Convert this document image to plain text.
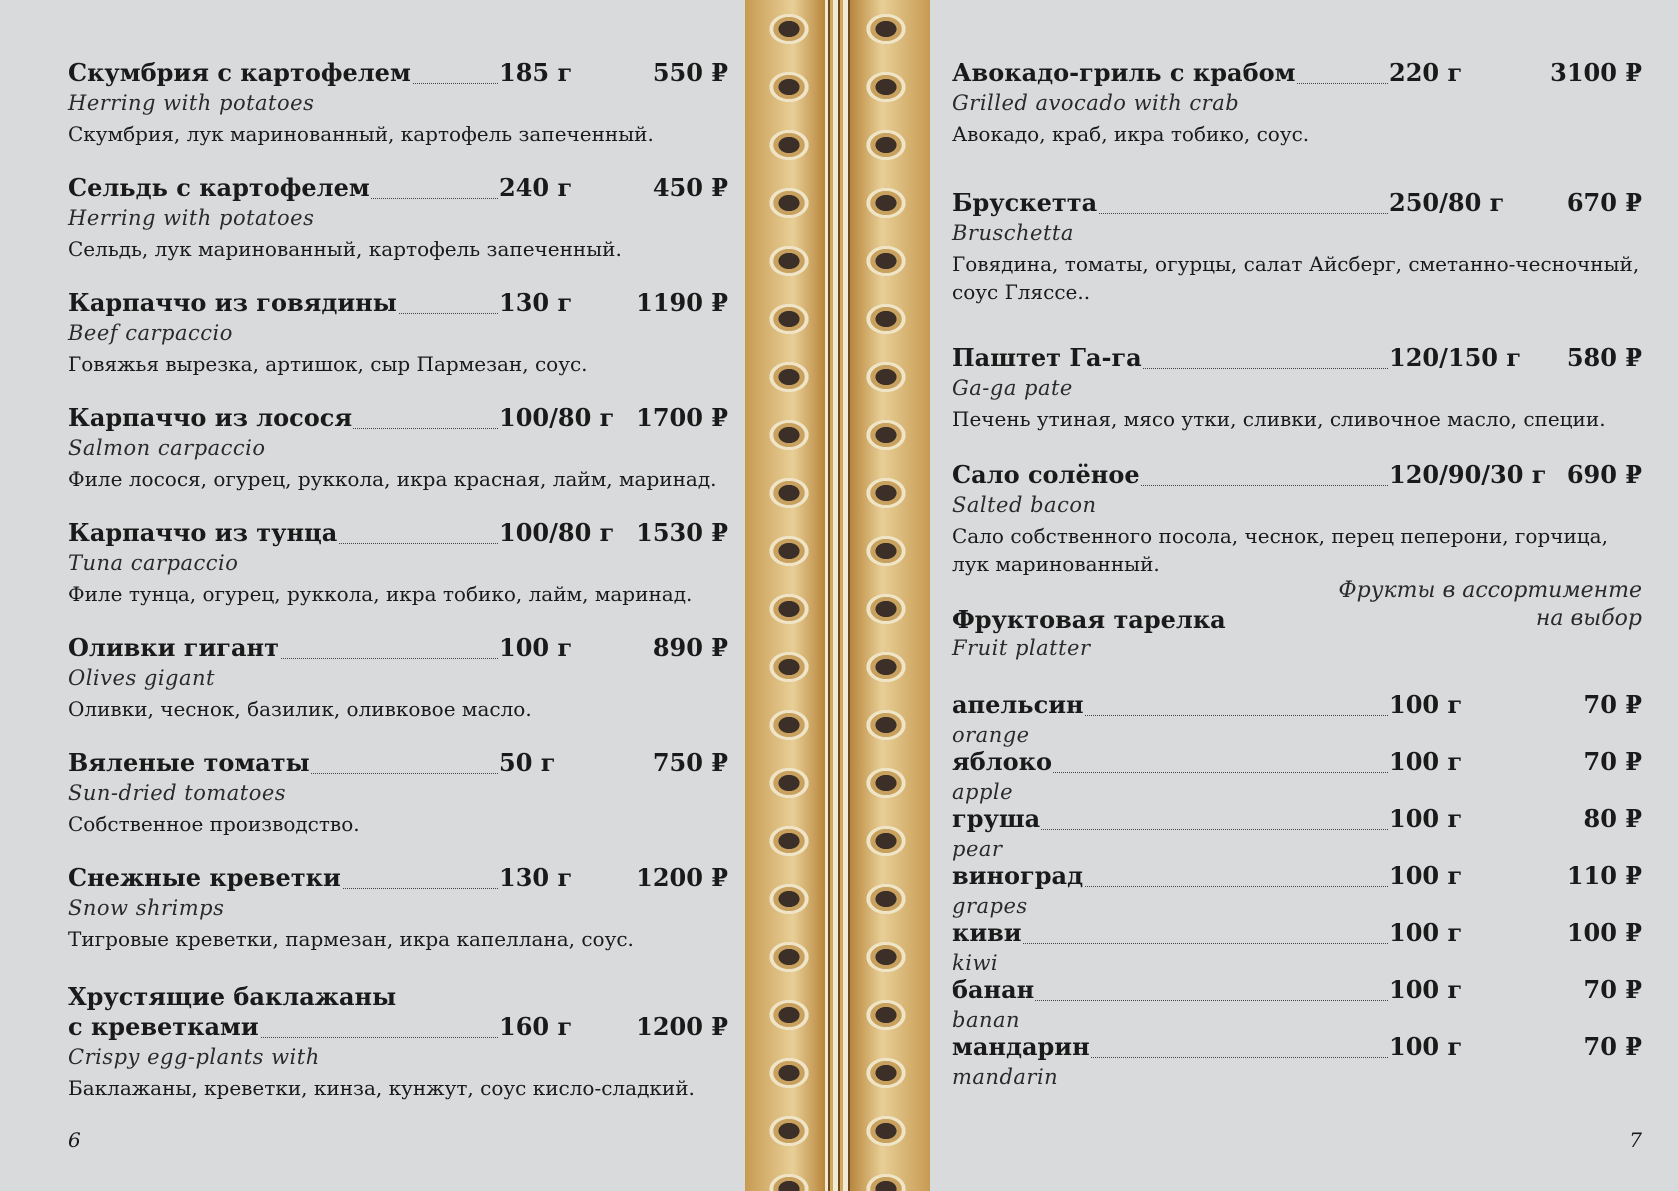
Скумбрия с картофелем	185 г	550 ₽
Herring with potatoes
Скумбрия, лук маринованный, картофель запеченный.
Сельдь с картофелем	240 г	450 ₽
Herring with potatoes
Сельдь, лук маринованный, картофель запеченный.
Карпаччо из говядины	130 г	1190 ₽
Beef carpaccio
Говяжья вырезка, артишок, сыр Пармезан, соус.
Карпаччо из лосося	100/80 г 1700 ₽
Salmon carpaccio
Филе лосося, огурец, руккола, икра красная, лайм, маринад.
Карпаччо из тунца	100/80 г 1530 ₽
Tuna carpaccio
Филе тунца, огурец, руккола, икра тобико, лайм, маринад.
Оливки гигант	100 г	890 ₽
Olives gigant
Оливки, чеснок, базилик, оливковое масло.
Вяленые томаты	50 г	750 ₽
Sun-dried tomatoes
Собственное производство.
Снежные креветки	130 г	1200 ₽
Snow shrimps
Тигровые креветки, пармезан, икра капеллана, соус.
Хрустящие баклажаны
с креветками	160 г	1200 ₽
Crispy egg-plants with
Баклажаны, креветки, кинза, кунжут, соус кисло-сладкий.
6
Авокадо-гриль с крабом	220 г	3100 ₽
Grilled avocado with crab
Авокадо, краб, икра тобико, соус.
Брускетта	250/80 г	670 ₽
Bruschetta
Говядина, томаты, огурцы, салат Айсберг, сметанно-чесночный, соус Гляссе..
Паштет Га-га	120/150 г 580 ₽
Ga-ga pate
Печень утиная, мясо утки, сливки, сливочное масло, специи.
Сало солёное	120/90/30 г 690 ₽
Salted bacon
Сало собственного посола, чеснок, перец пеперони, горчица, лук маринованный.
Фрукты в ассортименте
на выбор
Фруктовая тарелка
Fruit platter
апельсин	100 г	70 ₽
orange
яблоко	100 г	70 ₽
apple
груша	100 г	80 ₽
pear
виноград	100 г	110 ₽
grapes
киви	100 г	100 ₽
kiwi
банан	100 г	70 ₽
banan
мандарин	100 г	70 ₽
mandarin
7
